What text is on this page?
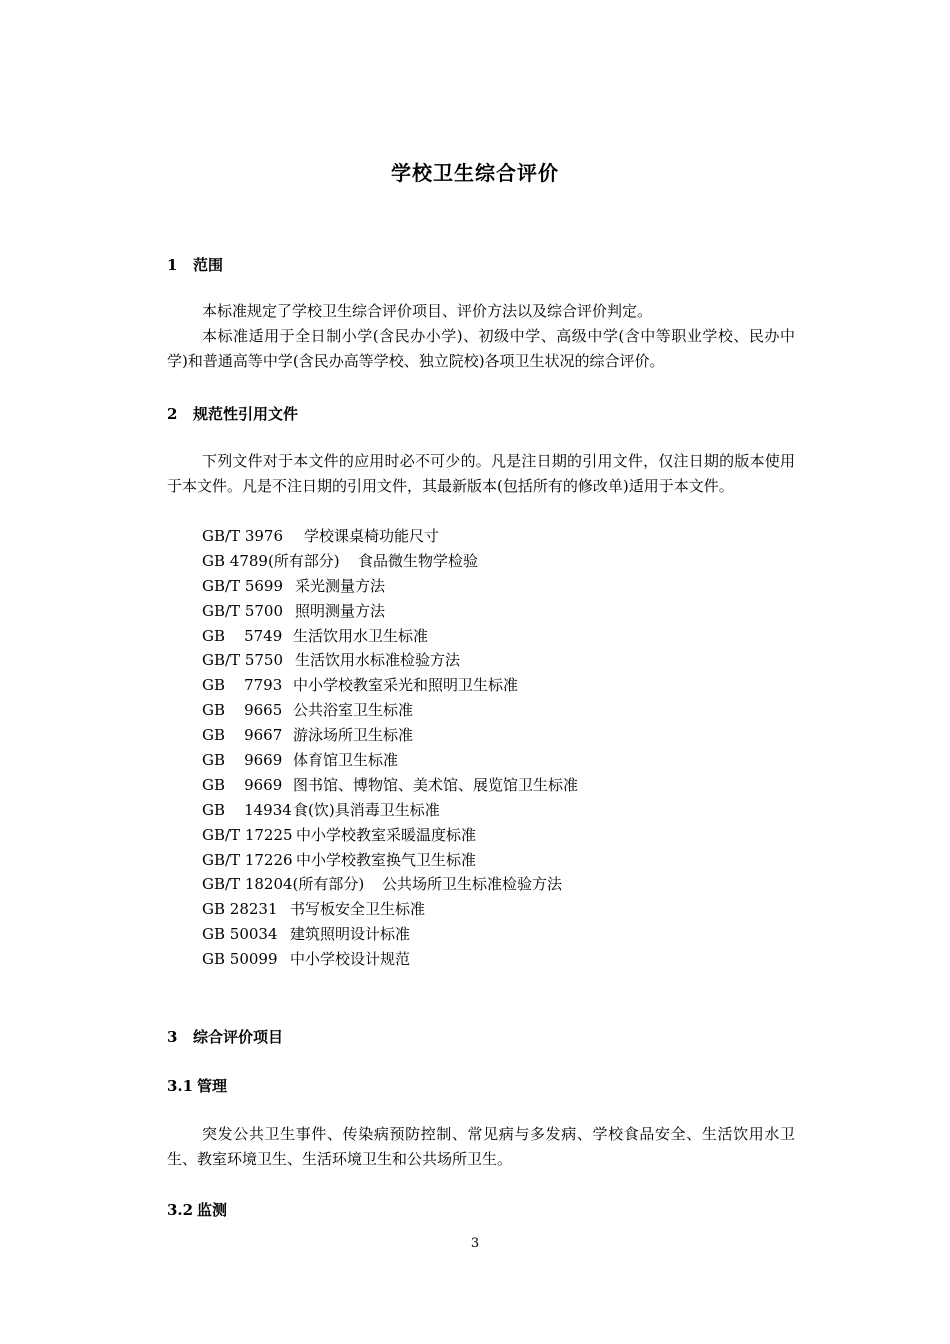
学校卫生综合评价
1 范围
本标准规定了学校卫生综合评价项目、评价方法以及综合评价判定。
本标准适用于全日制小学(含民办小学)、初级中学、高级中学(含中等职业学校、民办中学)和普通高等中学(含民办高等学校、独立院校)各项卫生状况的综合评价。
2 规范性引用文件
下列文件对于本文件的应用时必不可少的。凡是注日期的引用文件，仅注日期的版本使用于本文件。凡是不注日期的引用文件，其最新版本(包括所有的修改单)适用于本文件。
GB/T 3976 学校课桌椅功能尺寸
GB 4789(所有部分) 食品微生物学检验
GB/T 5699 采光测量方法
GB/T 5700 照明测量方法
GB    5749 生活饮用水卫生标准
GB/T 5750 生活饮用水标准检验方法
GB    7793 中小学校教室采光和照明卫生标准
GB    9665 公共浴室卫生标准
GB    9667 游泳场所卫生标准
GB    9669 体育馆卫生标准
GB    9669 图书馆、博物馆、美术馆、展览馆卫生标准
GB    14934食(饮)具消毒卫生标准
GB/T 17225 中小学校教室采暖温度标准
GB/T 17226 中小学校教室换气卫生标准
GB/T 18204(所有部分) 公共场所卫生标准检验方法
GB 28231 书写板安全卫生标准
GB 50034 建筑照明设计标准
GB 50099 中小学校设计规范
3 综合评价项目
3.1 管理
突发公共卫生事件、传染病预防控制、常见病与多发病、学校食品安全、生活饮用水卫生、教室环境卫生、生活环境卫生和公共场所卫生。
3.2 监测
3
